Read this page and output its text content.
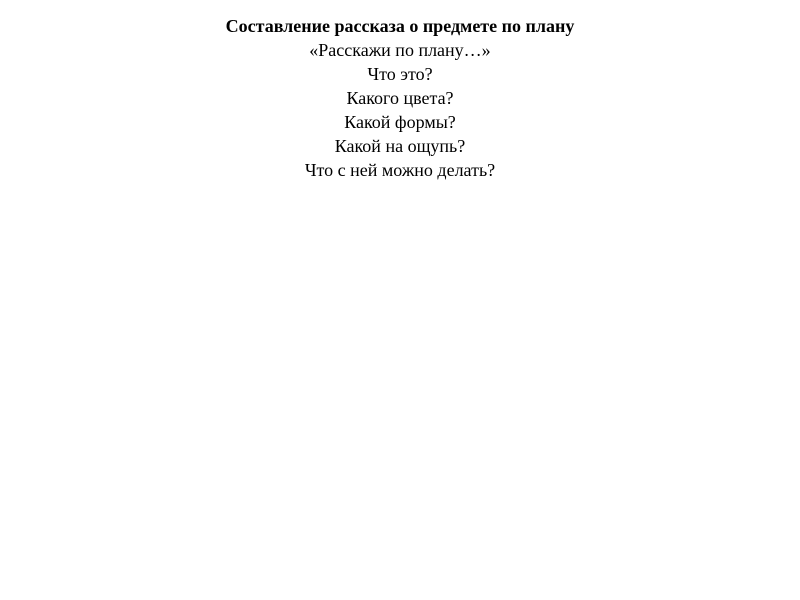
Составление рассказа о предмете по плану

«Расскажи по плану…»

Что это?

Какого цвета?

Какой формы?

Какой на ощупь?

Что с ней можно делать?
